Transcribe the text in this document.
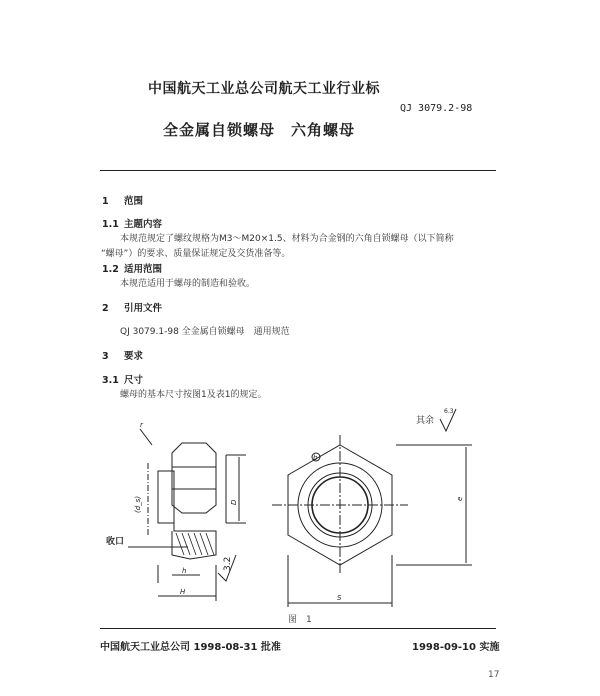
中国航天工业总公司航天工业行业标
QJ 3079.2-98
全金属自锁螺母　六角螺母
1 范围
1.1 主题内容
本规范规定了螺纹规格为M3～M20×1.5、材料为合金钢的六角自锁螺母（以下简称
“螺母”）的要求、质量保证规定及交货准备等。
1.2 适用范围
本规范适用于螺母的制造和验收。
2 引用文件
QJ 3079.1-98 全金属自锁螺母　通用规范
3 要求
3.1 尺寸
螺母的基本尺寸按图1及表1的规定。
其余
6.3
3.2
收口
r
(d_s)	D
h
H
e
S
b
图　1
中国航天工业总公司 1998-08-31 批准	1998-09-10 实施
17
